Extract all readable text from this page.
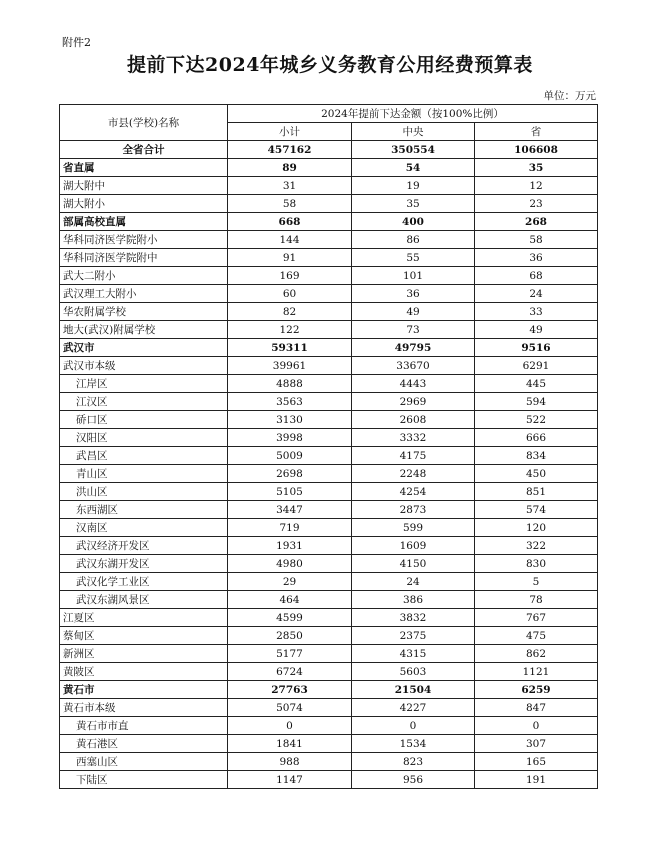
附件2
提前下达2024年城乡义务教育公用经费预算表
单位：万元
市县(学校)名称	2024年提前下达金额（按100%比例）		
	小计	中央	省
全省合计	457162	350554	106608
省直属	89	54	35
湖大附中	31	19	12
湖大附小	58	35	23
部属高校直属	668	400	268
华科同济医学院附小	144	86	58
华科同济医学院附中	91	55	36
武大二附小	169	101	68
武汉理工大附小	60	36	24
华农附属学校	82	49	33
地大(武汉)附属学校	122	73	49
武汉市	59311	49795	9516
武汉市本级	39961	33670	6291
江岸区	4888	4443	445
江汉区	3563	2969	594
硚口区	3130	2608	522
汉阳区	3998	3332	666
武昌区	5009	4175	834
青山区	2698	2248	450
洪山区	5105	4254	851
东西湖区	3447	2873	574
汉南区	719	599	120
武汉经济开发区	1931	1609	322
武汉东湖开发区	4980	4150	830
武汉化学工业区	29	24	5
武汉东湖风景区	464	386	78
江夏区	4599	3832	767
蔡甸区	2850	2375	475
新洲区	5177	4315	862
黄陂区	6724	5603	1121
黄石市	27763	21504	6259
黄石市本级	5074	4227	847
黄石市市直	0	0	0
黄石港区	1841	1534	307
西塞山区	988	823	165
下陆区	1147	956	191
